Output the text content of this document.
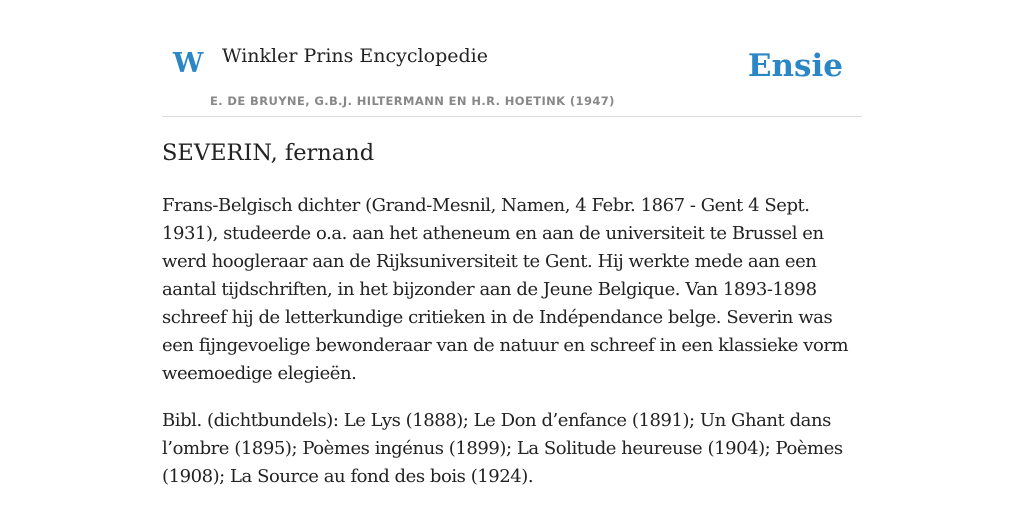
W Winkler Prins Encyclopedie
E. DE BRUYNE, G.B.J. HILTERMANN EN H.R. HOETINK (1947)
Ensie
SEVERIN, fernand

Frans-Belgisch dichter (Grand-Mesnil, Namen, 4 Febr. 1867 - Gent 4 Sept. 1931), studeerde o.a. aan het atheneum en aan de universiteit te Brussel en werd hoogleraar aan de Rijksuniversiteit te Gent. Hij werkte mede aan een aantal tijdschriften, in het bijzonder aan de Jeune Belgique. Van 1893-1898 schreef hij de letterkundige critieken in de Indépendance belge. Severin was een fijngevoelige bewonderaar van de natuur en schreef in een klassieke vorm weemoedige elegieën.

Bibl. (dichtbundels): Le Lys (1888); Le Don d’enfance (1891); Un Ghant dans l’ombre (1895); Poèmes ingénus (1899); La Solitude heureuse (1904); Poèmes (1908); La Source au fond des bois (1924).
